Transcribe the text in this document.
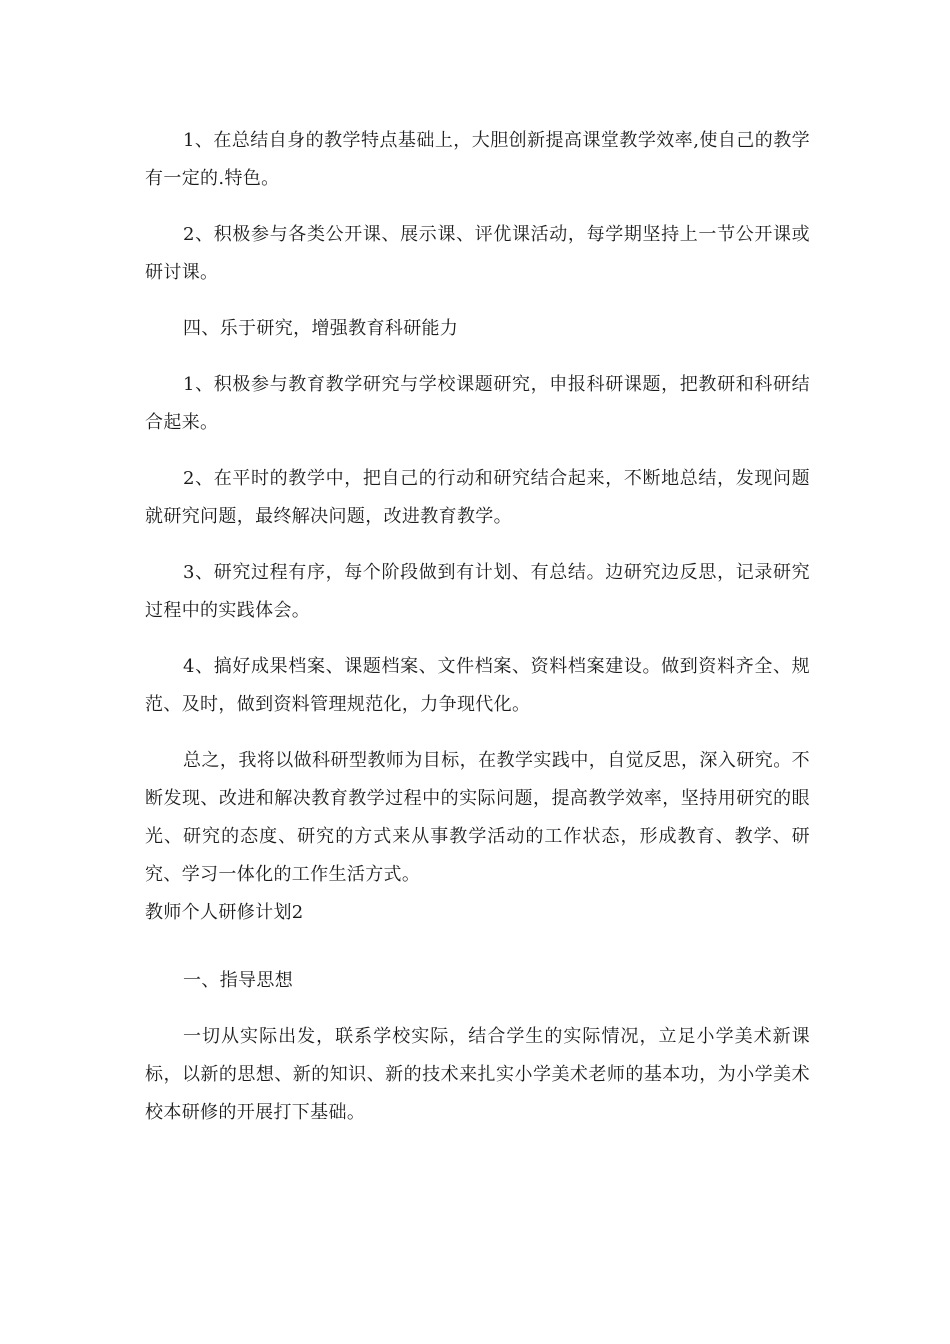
1、在总结自身的教学特点基础上，大胆创新提高课堂教学效率,使自己的教学有一定的.特色。

2、积极参与各类公开课、展示课、评优课活动，每学期坚持上一节公开课或研讨课。

四、乐于研究，增强教育科研能力

1、积极参与教育教学研究与学校课题研究，申报科研课题，把教研和科研结合起来。

2、在平时的教学中，把自己的行动和研究结合起来，不断地总结，发现问题就研究问题，最终解决问题，改进教育教学。

3、研究过程有序，每个阶段做到有计划、有总结。边研究边反思，记录研究过程中的实践体会。

4、搞好成果档案、课题档案、文件档案、资料档案建设。做到资料齐全、规范、及时，做到资料管理规范化，力争现代化。

总之，我将以做科研型教师为目标，在教学实践中，自觉反思，深入研究。不断发现、改进和解决教育教学过程中的实际问题，提高教学效率，坚持用研究的眼光、研究的态度、研究的方式来从事教学活动的工作状态，形成教育、教学、研究、学习一体化的工作生活方式。

教师个人研修计划2

一、指导思想

一切从实际出发，联系学校实际，结合学生的实际情况，立足小学美术新课标，以新的思想、新的知识、新的技术来扎实小学美术老师的基本功，为小学美术校本研修的开展打下基础。
